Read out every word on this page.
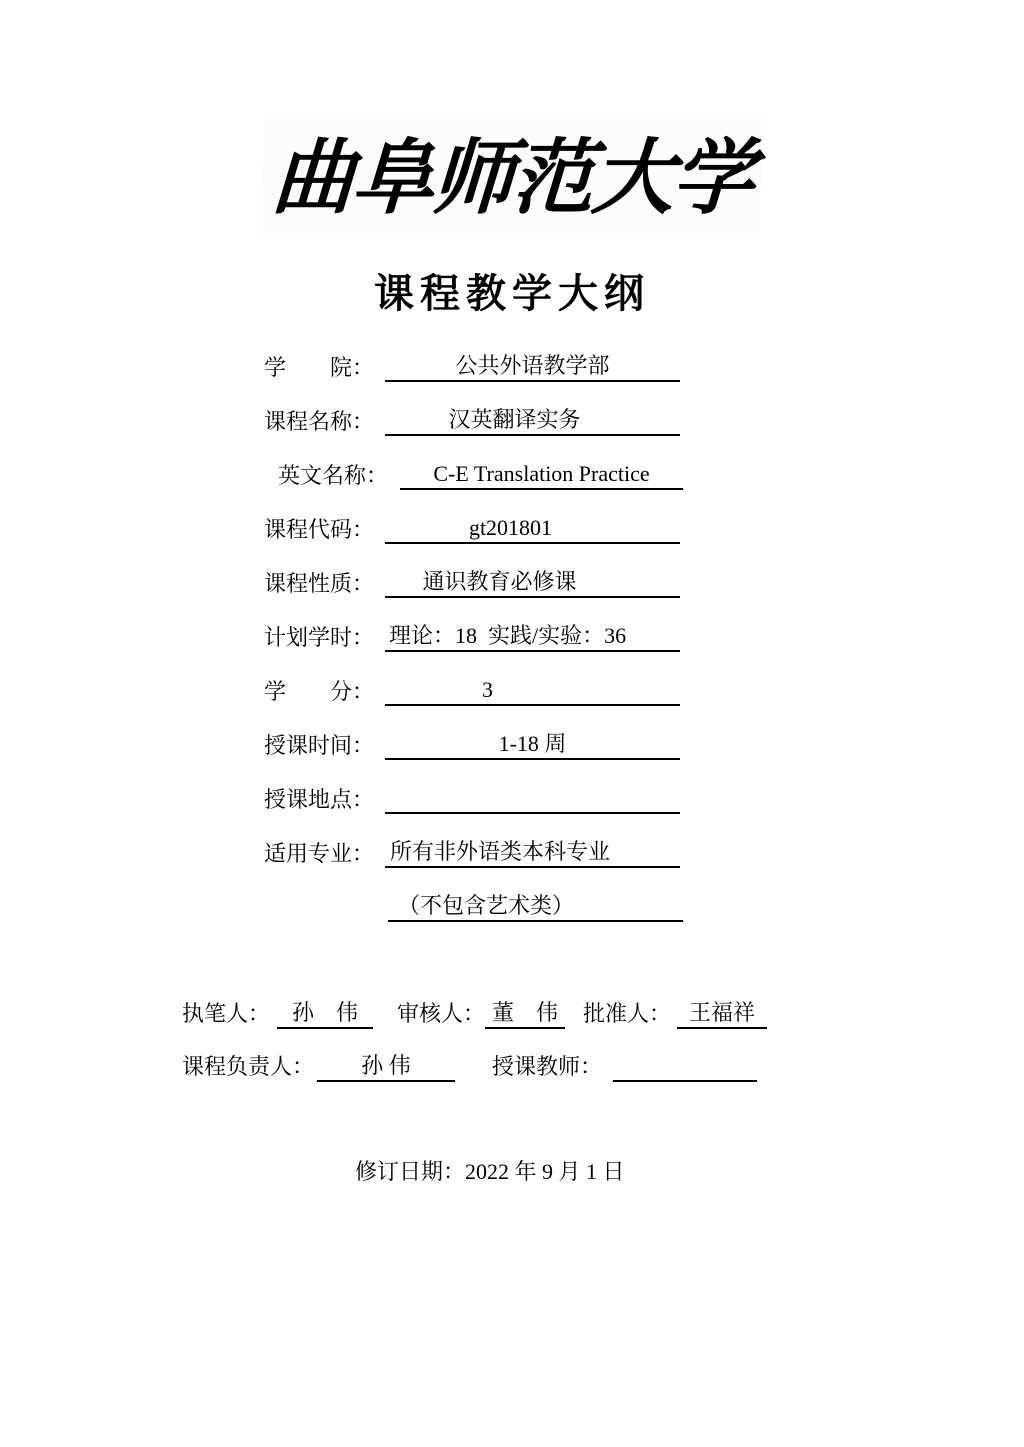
曲阜师范大学
课程教学大纲
学　　院：	公共外语教学部
课程名称：	汉英翻译实务
英文名称：	C-E Translation Practice
课程代码：	gt201801
课程性质：	通识教育必修课
计划学时： 理论：18  实践/实验：36
学　　分：	3
授课时间：	1-18 周
授课地点：
适用专业： 所有非外语类本科专业
（不包含艺术类）
执笔人： 孙　伟	审核人： 董　伟	批准人： 王福祥
课程负责人：	孙 伟	授课教师：
修订日期：2022 年 9 月 1 日
